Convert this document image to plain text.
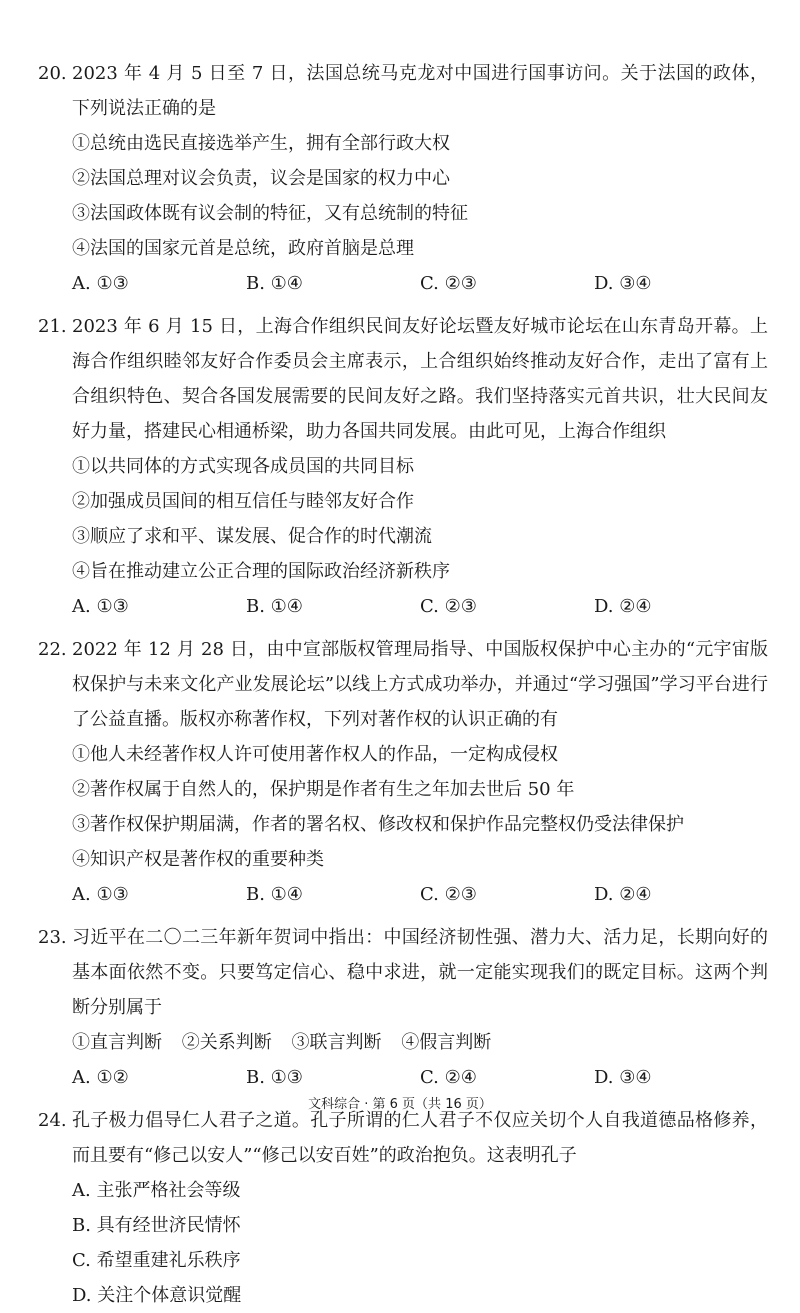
20. 2023 年 4 月 5 日至 7 日，法国总统马克龙对中国进行国事访问。关于法国的政体，下列说法正确的是
①总统由选民直接选举产生，拥有全部行政大权
②法国总理对议会负责，议会是国家的权力中心
③法国政体既有议会制的特征，又有总统制的特征
④法国的国家元首是总统，政府首脑是总理
A. ①③	B. ①④	C. ②③	D. ③④
21. 2023 年 6 月 15 日，上海合作组织民间友好论坛暨友好城市论坛在山东青岛开幕。上海合作组织睦邻友好合作委员会主席表示，上合组织始终推动友好合作，走出了富有上合组织特色、契合各国发展需要的民间友好之路。我们坚持落实元首共识，壮大民间友好力量，搭建民心相通桥梁，助力各国共同发展。由此可见，上海合作组织
①以共同体的方式实现各成员国的共同目标
②加强成员国间的相互信任与睦邻友好合作
③顺应了求和平、谋发展、促合作的时代潮流
④旨在推动建立公正合理的国际政治经济新秩序
A. ①③	B. ①④	C. ②③	D. ②④
22. 2022 年 12 月 28 日，由中宣部版权管理局指导、中国版权保护中心主办的“元宇宙版权保护与未来文化产业发展论坛”以线上方式成功举办，并通过“学习强国”学习平台进行了公益直播。版权亦称著作权，下列对著作权的认识正确的有
①他人未经著作权人许可使用著作权人的作品，一定构成侵权
②著作权属于自然人的，保护期是作者有生之年加去世后 50 年
③著作权保护期届满，作者的署名权、修改权和保护作品完整权仍受法律保护
④知识产权是著作权的重要种类
A. ①③	B. ①④	C. ②③	D. ②④
23. 习近平在二〇二三年新年贺词中指出：中国经济韧性强、潜力大、活力足，长期向好的基本面依然不变。只要笃定信心、稳中求进，就一定能实现我们的既定目标。这两个判断分别属于
①直言判断 ②关系判断 ③联言判断 ④假言判断
A. ①②	B. ①③	C. ②④	D. ③④
24. 孔子极力倡导仁人君子之道。孔子所谓的仁人君子不仅应关切个人自我道德品格修养，而且要有“修己以安人”“修己以安百姓”的政治抱负。这表明孔子
A. 主张严格社会等级
B. 具有经世济民情怀
C. 希望重建礼乐秩序
D. 关注个体意识觉醒
文科综合 · 第 6 页（共 16 页）
